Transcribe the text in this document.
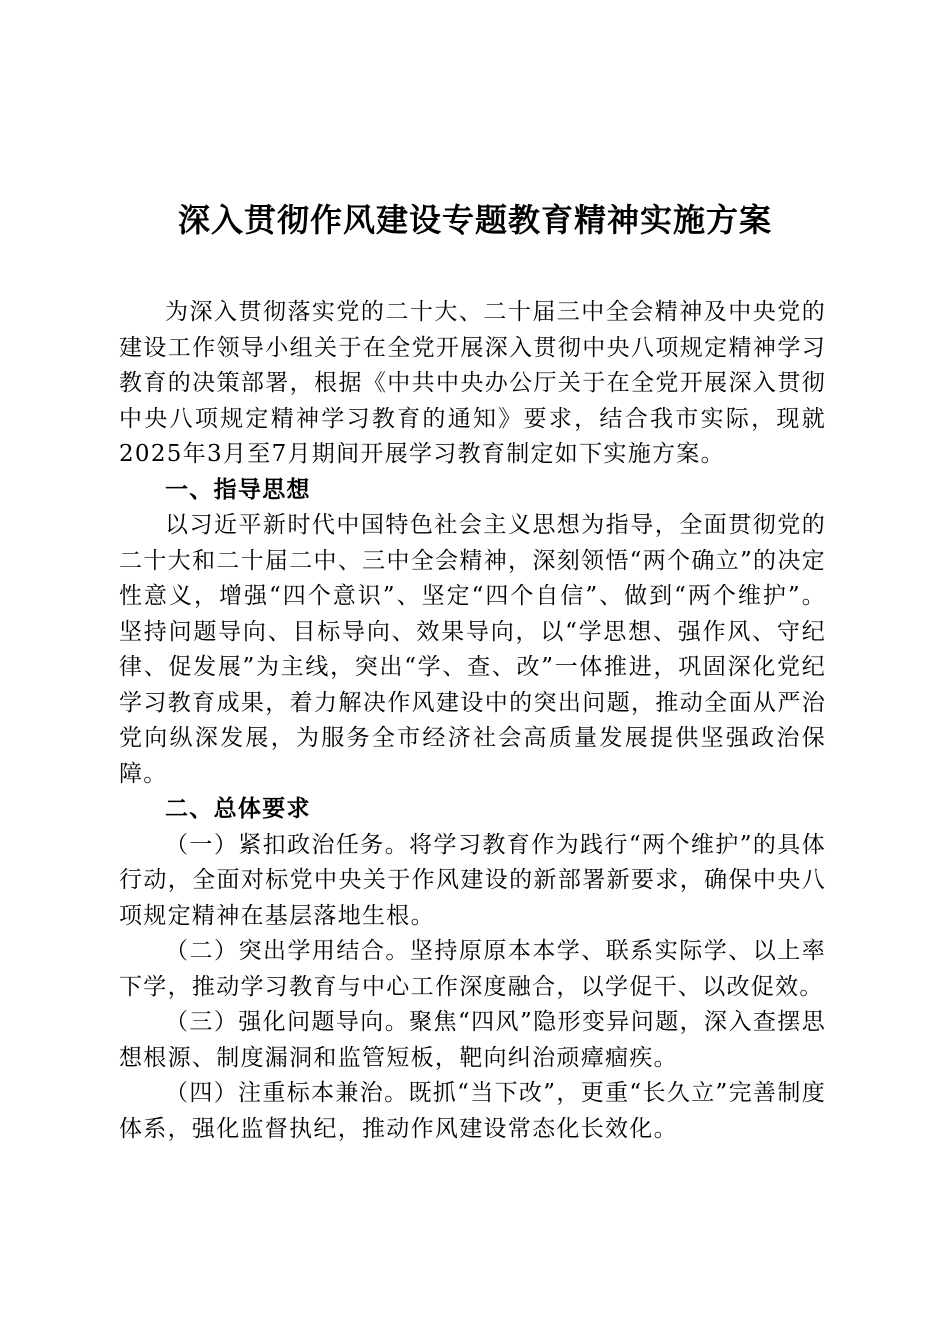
深入贯彻作风建设专题教育精神实施方案

为深入贯彻落实党的二十大、二十届三中全会精神及中央党的建设工作领导小组关于在全党开展深入贯彻中央八项规定精神学习教育的决策部署，根据《中共中央办公厅关于在全党开展深入贯彻中央八项规定精神学习教育的通知》要求，结合我市实际，现就2025年3月至7月期间开展学习教育制定如下实施方案。

一、指导思想

以习近平新时代中国特色社会主义思想为指导，全面贯彻党的二十大和二十届二中、三中全会精神，深刻领悟“两个确立”的决定性意义，增强“四个意识”、坚定“四个自信”、做到“两个维护”。坚持问题导向、目标导向、效果导向，以“学思想、强作风、守纪律、促发展”为主线，突出“学、查、改”一体推进，巩固深化党纪学习教育成果，着力解决作风建设中的突出问题，推动全面从严治党向纵深发展，为服务全市经济社会高质量发展提供坚强政治保障。

二、总体要求

（一）紧扣政治任务。将学习教育作为践行“两个维护”的具体行动，全面对标党中央关于作风建设的新部署新要求，确保中央八项规定精神在基层落地生根。

（二）突出学用结合。坚持原原本本学、联系实际学、以上率下学，推动学习教育与中心工作深度融合，以学促干、以改促效。

（三）强化问题导向。聚焦“四风”隐形变异问题，深入查摆思想根源、制度漏洞和监管短板，靶向纠治顽瘴痼疾。

（四）注重标本兼治。既抓“当下改”，更重“长久立”完善制度体系，强化监督执纪，推动作风建设常态化长效化。
